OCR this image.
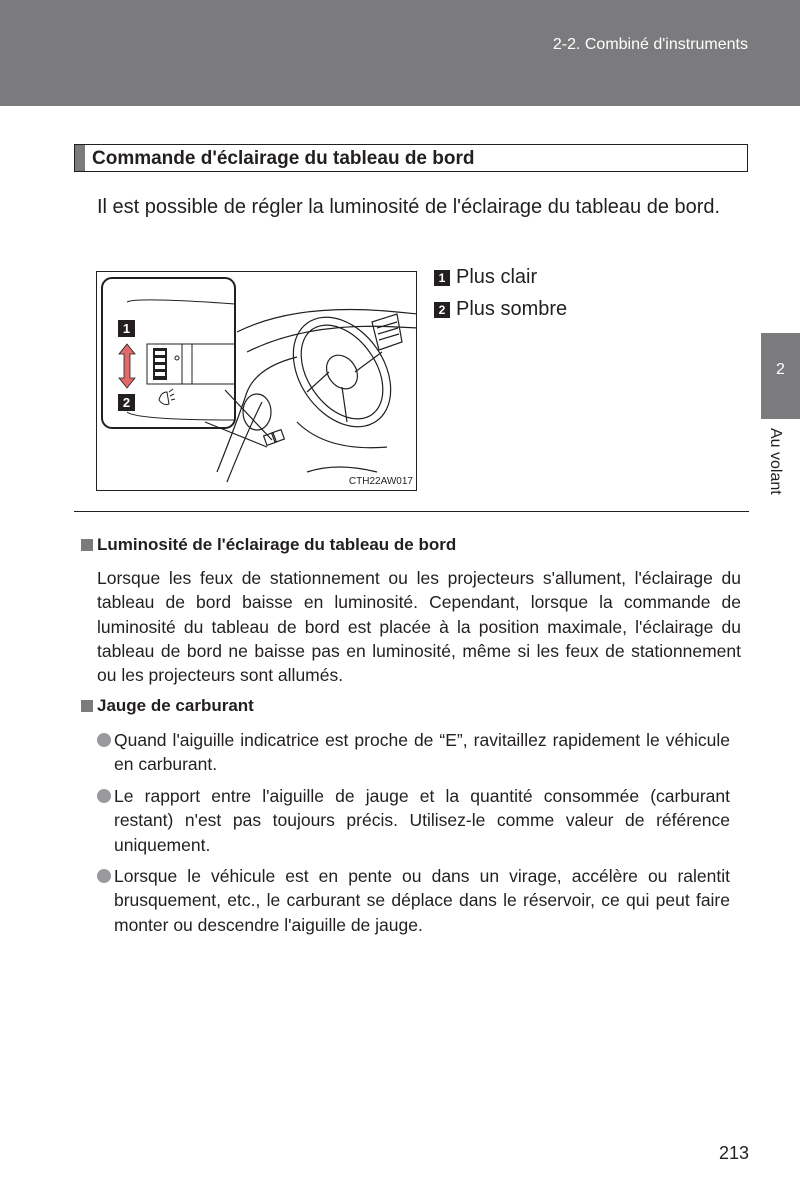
2-2. Combiné d'instruments
2
Au volant
Commande d'éclairage du tableau de bord

Il est possible de régler la luminosité de l'éclairage du tableau de bord.

1
2
CTH22AW017
1 Plus clair
2 Plus sombre
Luminosité de l'éclairage du tableau de bord

Lorsque les feux de stationnement ou les projecteurs s'allument, l'éclairage du tableau de bord baisse en luminosité. Cependant, lorsque la commande de luminosité du tableau de bord est placée à la position maximale, l'éclairage du tableau de bord ne baisse pas en luminosité, même si les feux de stationnement ou les projecteurs sont allumés.

Jauge de carburant
Quand l'aiguille indicatrice est proche de “E”, ravitaillez rapidement le véhicule en carburant.
Le rapport entre l'aiguille de jauge et la quantité consommée (carburant restant) n'est pas toujours précis. Utilisez-le comme valeur de référence uniquement.
Lorsque le véhicule est en pente ou dans un virage, accélère ou ralentit brusquement, etc., le carburant se déplace dans le réservoir, ce qui peut faire monter ou descendre l'aiguille de jauge.
213
